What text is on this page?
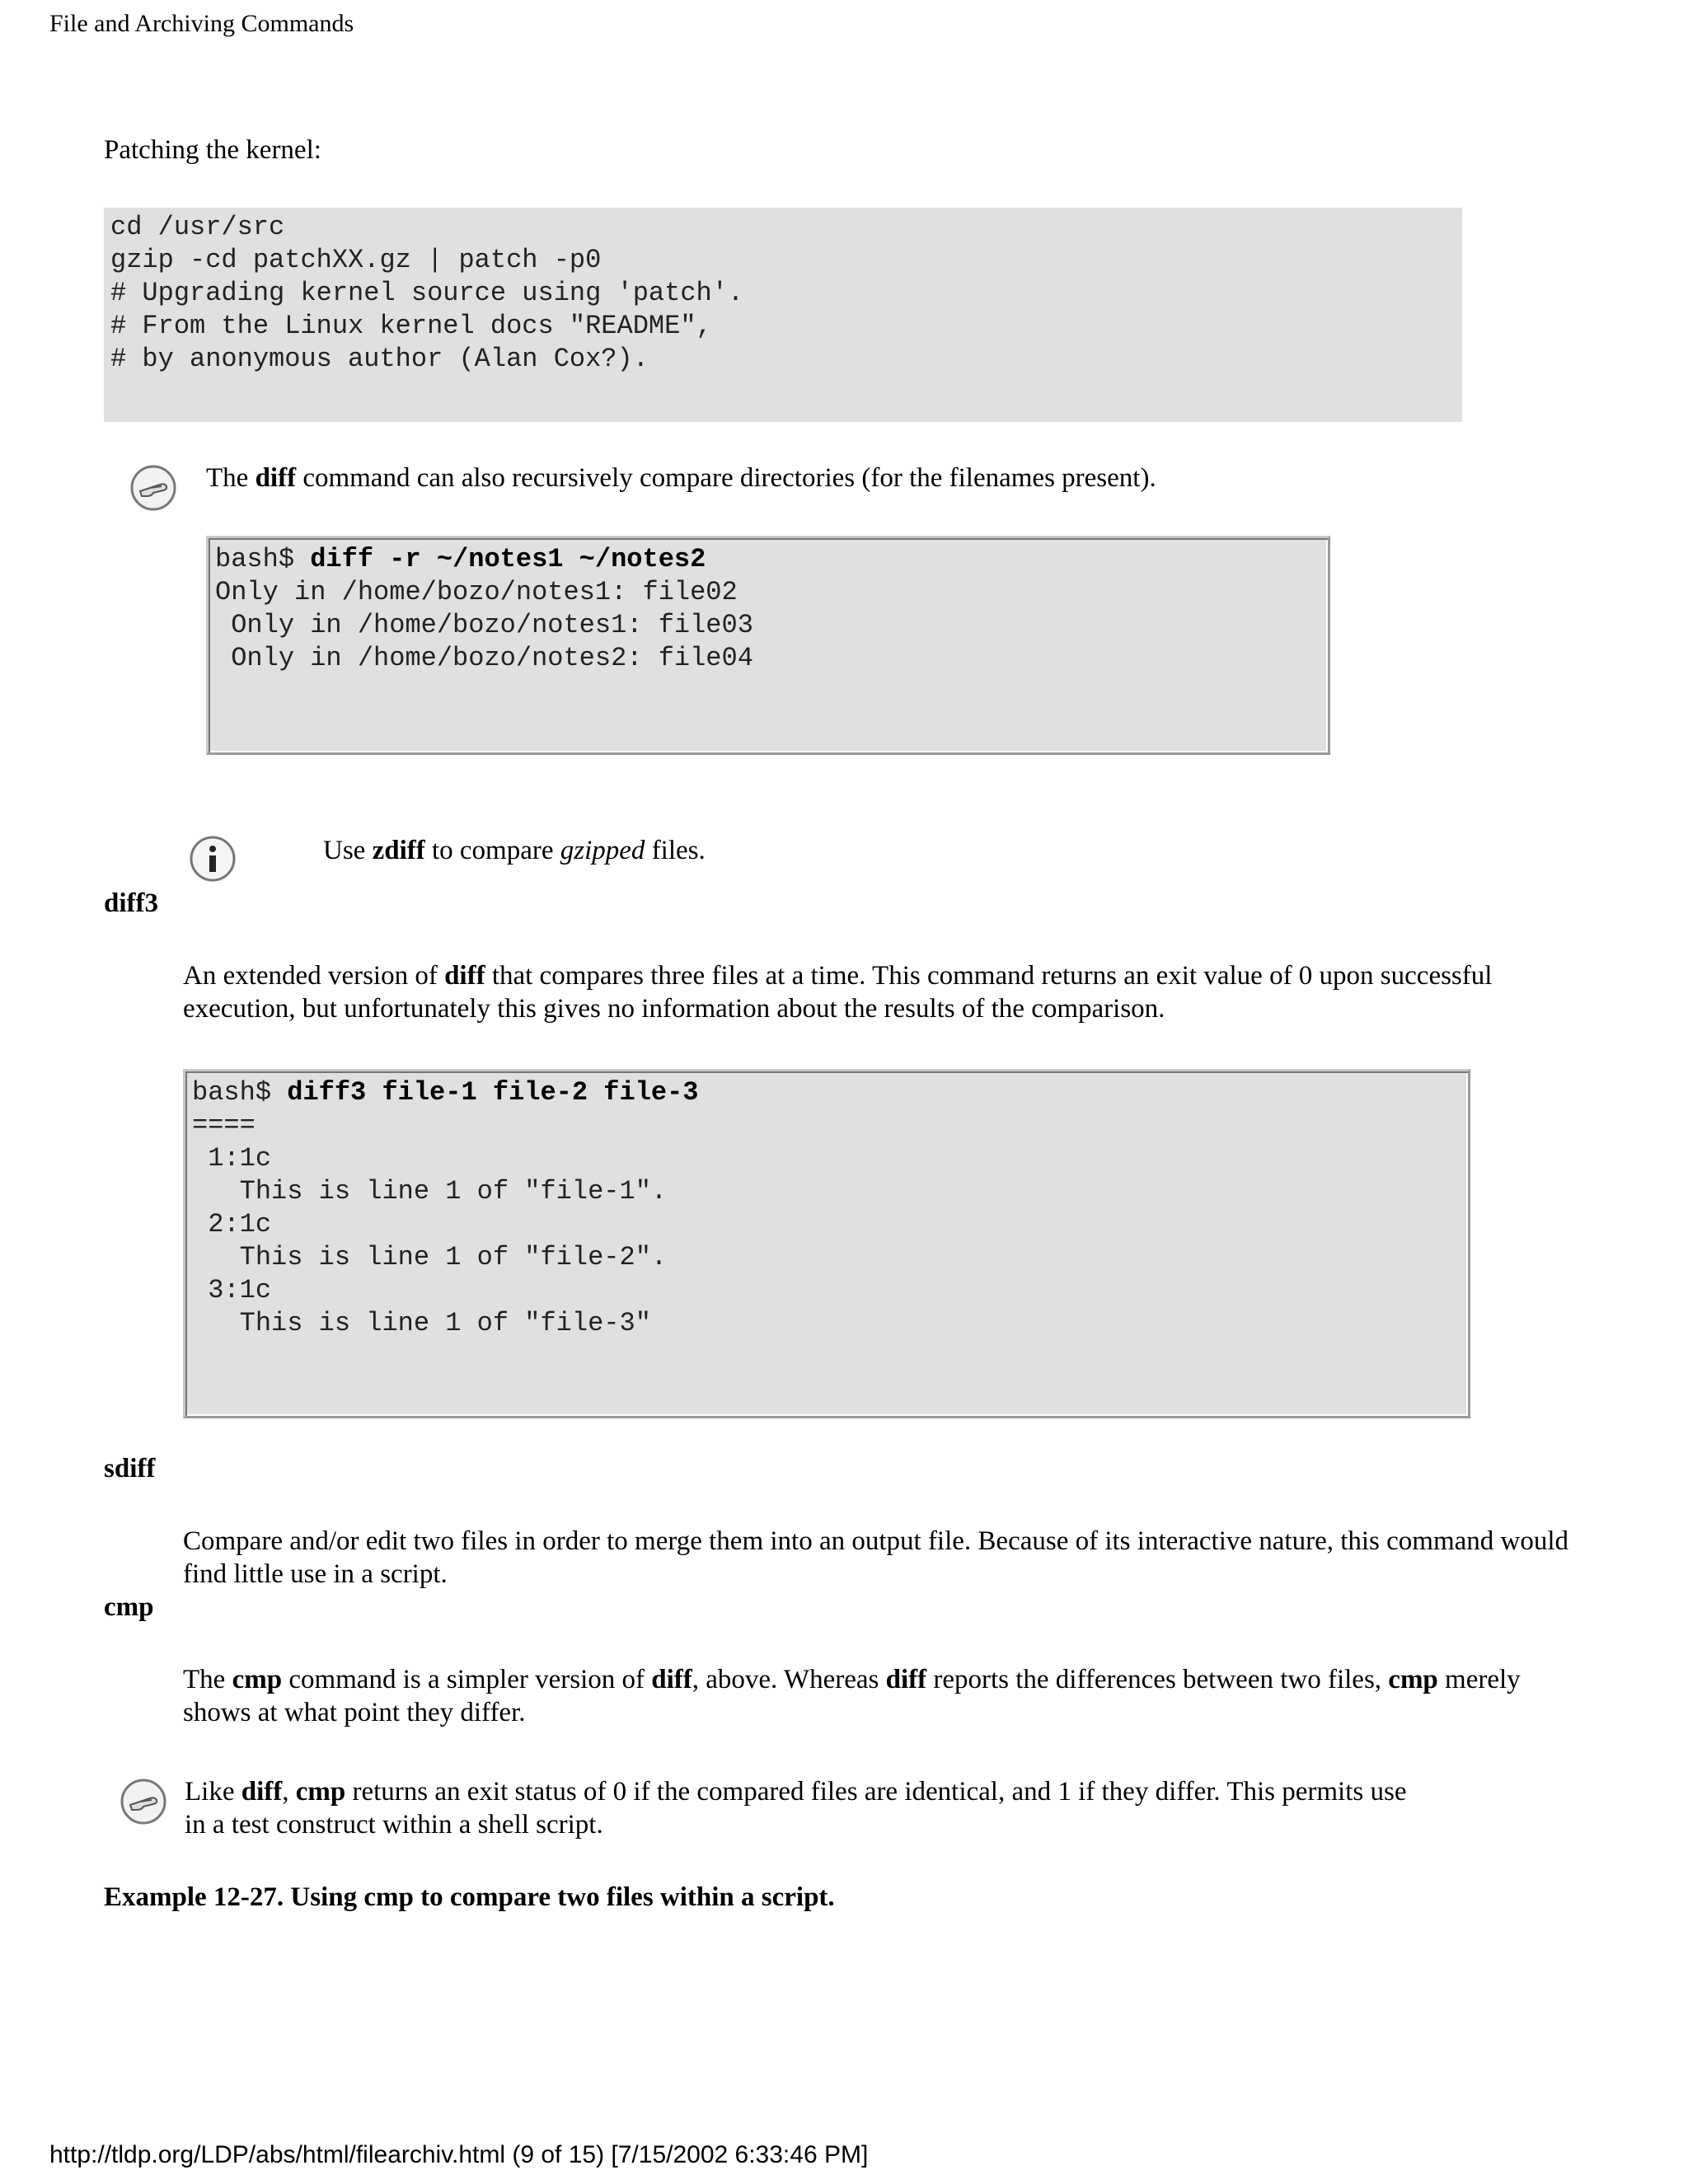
File and Archiving Commands
Patching the kernel:
cd /usr/src
gzip -cd patchXX.gz | patch -p0
# Upgrading kernel source using 'patch'.
# From the Linux kernel docs "README",
# by anonymous author (Alan Cox?).
The diff command can also recursively compare directories (for the filenames present).
bash$ diff -r ~/notes1 ~/notes2
Only in /home/bozo/notes1: file02
Only in /home/bozo/notes1: file03
Only in /home/bozo/notes2: file04
Use zdiff to compare gzipped files.
diff3
An extended version of diff that compares three files at a time. This command returns an exit value of 0 upon successful
execution, but unfortunately this gives no information about the results of the comparison.
bash$ diff3 file-1 file-2 file-3
====
1:1c
This is line 1 of "file-1".
2:1c
This is line 1 of "file-2".
3:1c
This is line 1 of "file-3"
sdiff
Compare and/or edit two files in order to merge them into an output file. Because of its interactive nature, this command would
find little use in a script.
cmp
The cmp command is a simpler version of diff, above. Whereas diff reports the differences between two files, cmp merely
shows at what point they differ.
Like diff, cmp returns an exit status of 0 if the compared files are identical, and 1 if they differ. This permits use
in a test construct within a shell script.
Example 12-27. Using cmp to compare two files within a script.
http://tldp.org/LDP/abs/html/filearchiv.html (9 of 15) [7/15/2002 6:33:46 PM]
